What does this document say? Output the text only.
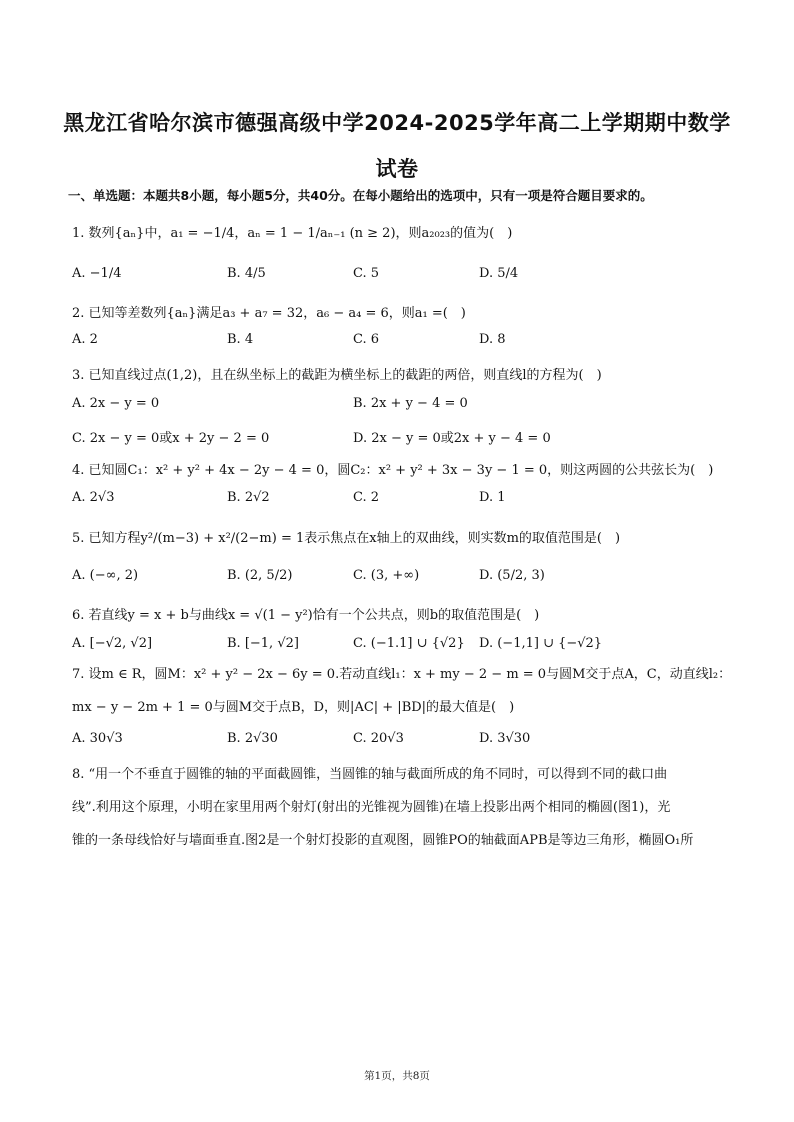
黑龙江省哈尔滨市德强高级中学2024-2025学年高二上学期期中数学
试卷
一、单选题：本题共8小题，每小题5分，共40分。在每小题给出的选项中，只有一项是符合题目要求的。
1. 数列{aₙ}中，a₁ = −1/4，aₙ = 1 − 1/aₙ₋₁ (n ≥ 2)，则a₂₀₂₃的值为(　)
A. −1/4	B. 4/5	C. 5	D. 5/4
2. 已知等差数列{aₙ}满足a₃ + a₇ = 32，a₆ − a₄ = 6，则a₁ =(　)
A. 2	B. 4	C. 6	D. 8
3. 已知直线过点(1,2)，且在纵坐标上的截距为横坐标上的截距的两倍，则直线l的方程为(　)
A. 2x − y = 0	B. 2x + y − 4 = 0
C. 2x − y = 0或x + 2y − 2 = 0	D. 2x − y = 0或2x + y − 4 = 0
4. 已知圆C₁：x² + y² + 4x − 2y − 4 = 0，圆C₂：x² + y² + 3x − 3y − 1 = 0，则这两圆的公共弦长为(　)
A. 2√3	B. 2√2	C. 2	D. 1
5. 已知方程y²/(m−3) + x²/(2−m) = 1表示焦点在x轴上的双曲线，则实数m的取值范围是(　)
A. (−∞, 2)	B. (2, 5/2)	C. (3, +∞)	D. (5/2, 3)
6. 若直线y = x + b与曲线x = √(1 − y²)恰有一个公共点，则b的取值范围是(　)
A. [−√2, √2]	B. [−1, √2]	C. (−1.1] ∪ {√2} D. (−1,1] ∪ {−√2}
7. 设m ∈ R，圆M：x² + y² − 2x − 6y = 0.若动直线l₁：x + my − 2 − m = 0与圆M交于点A，C，动直线l₂：
mx − y − 2m + 1 = 0与圆M交于点B，D，则|AC| + |BD|的最大值是(　)
A. 30√3	B. 2√30	C. 20√3	D. 3√30
8. “用一个不垂直于圆锥的轴的平面截圆锥，当圆锥的轴与截面所成的角不同时，可以得到不同的截口曲
线”.利用这个原理，小明在家里用两个射灯(射出的光锥视为圆锥)在墙上投影出两个相同的椭圆(图1)，光
锥的一条母线恰好与墙面垂直.图2是一个射灯投影的直观图，圆锥PO的轴截面APB是等边三角形，椭圆O₁所
第1页，共8页
